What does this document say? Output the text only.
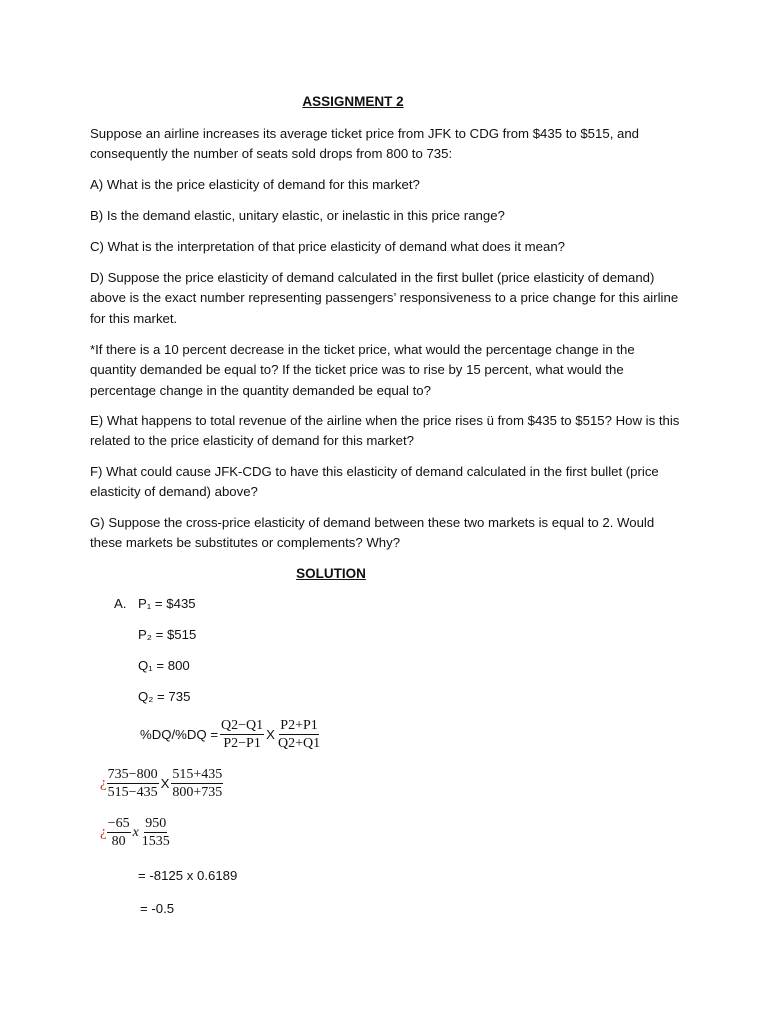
ASSIGNMENT 2

Suppose an airline increases its average ticket price from JFK to CDG from $435 to $515, and consequently the number of seats sold drops from 800 to 735:

A) What is the price elasticity of demand for this market?

B) Is the demand elastic, unitary elastic, or inelastic in this price range?

C) What is the interpretation of that price elasticity of demand what does it mean?

D) Suppose the price elasticity of demand calculated in the first bullet (price elasticity of demand) above is the exact number representing passengers’ responsiveness to a price change for this airline for this market.

*If there is a 10 percent decrease in the ticket price, what would the percentage change in the quantity demanded be equal to? If the ticket price was to rise by 15 percent, what would the percentage change in the quantity demanded be equal to?

E) What happens to total revenue of the airline when the price rises ü from $435 to $515? How is this related to the price elasticity of demand for this market?

F) What could cause JFK-CDG to have this elasticity of demand calculated in the first bullet (price elasticity of demand) above?

G) Suppose the cross-price elasticity of demand between these two markets is equal to 2. Would these markets be substitutes or complements? Why?

SOLUTION
A. P₁ = $435
P₂ = $515
Q₁ = 800
Q₂ = 735
$\%DQ/\%DQ = \frac{Q2-Q1}{P2-P1}$ X $\frac{P2+P1}{Q2+Q1}$
¿ $\frac{735-800}{515-435}$ X $\frac{515+435}{800+735}$
¿ $\frac{-65}{80}$ x $\frac{950}{1535}$
= -8125 x 0.6189
= -0.5
